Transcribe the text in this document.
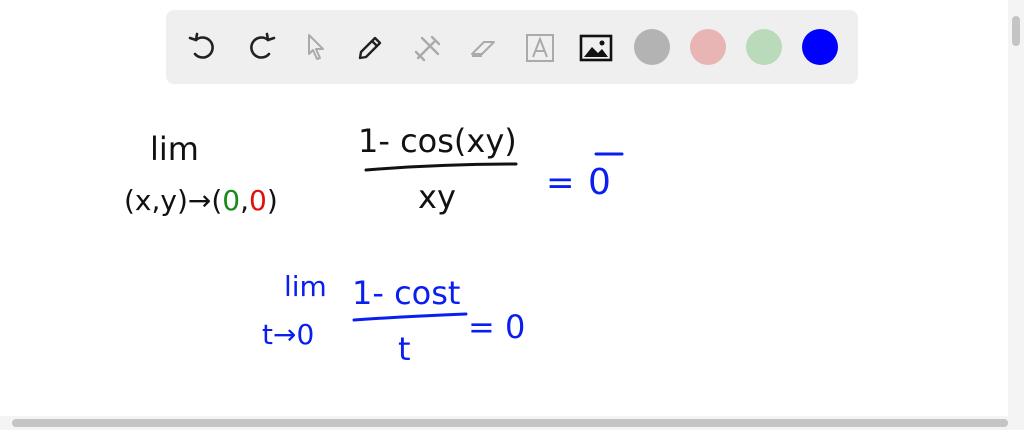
lim
(x,y)→(0,0)
1- cos(xy)
xy	= 0
lim
t→0
1- cost
t
= 0
